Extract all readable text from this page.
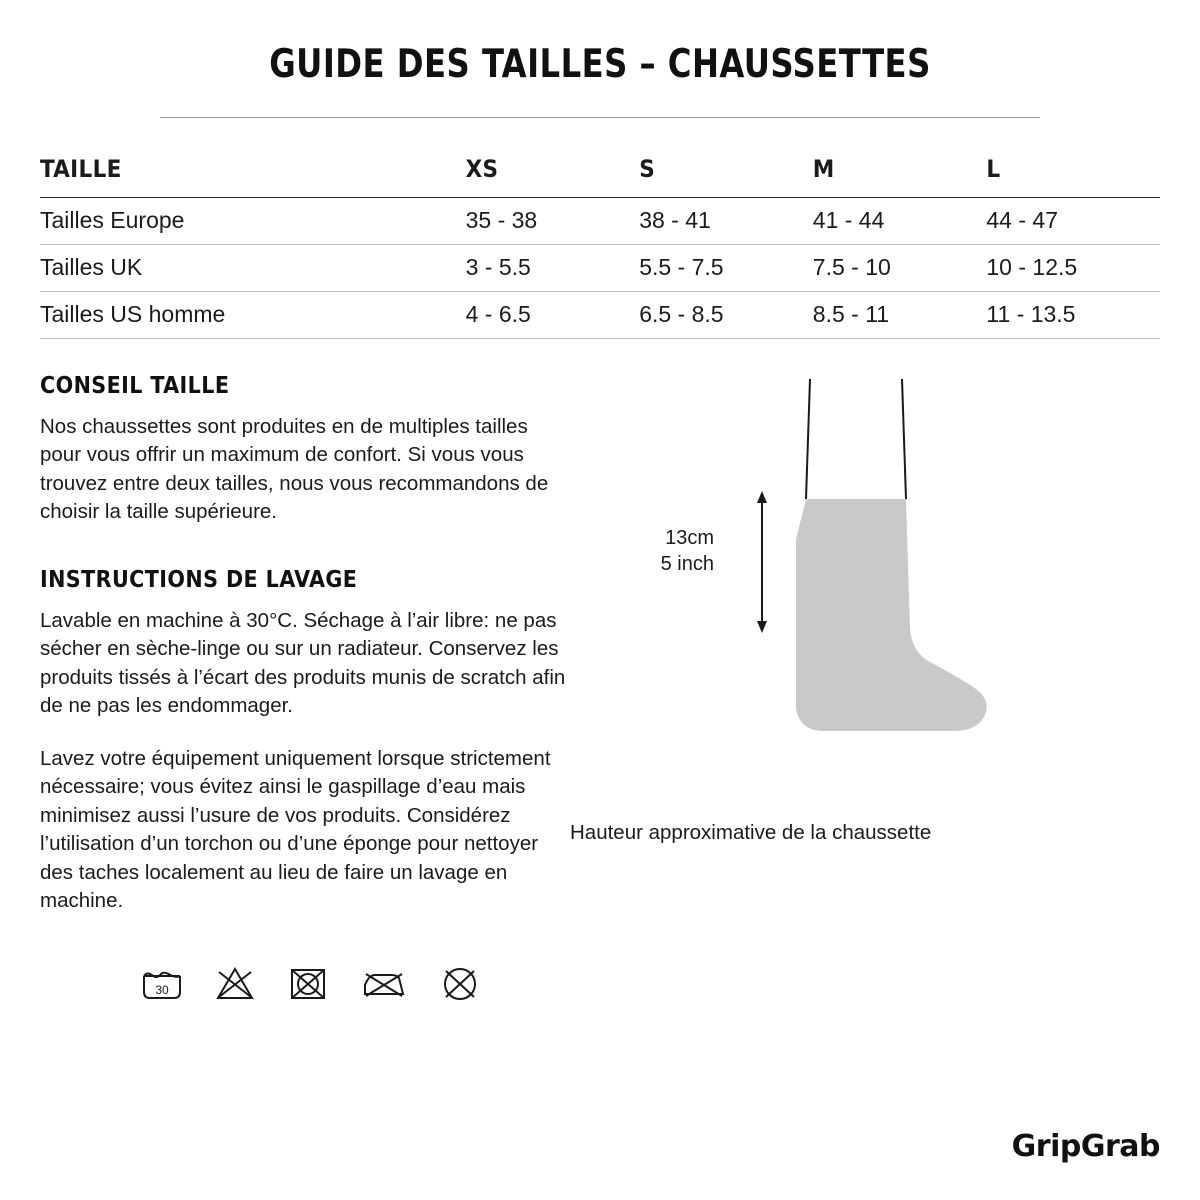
GUIDE DES TAILLES – CHAUSSETTES
TAILLE	XS	S	M	L
Tailles Europe	35 - 38	38 - 41	41 - 44	44 - 47
Tailles UK	3 - 5.5	5.5 - 7.5	7.5 - 10	10 - 12.5
Tailles US homme	4 - 6.5	6.5 - 8.5	8.5 - 11	11 - 13.5
CONSEIL TAILLE

Nos chaussettes sont produites en de multiples tailles pour vous offrir un maximum de confort. Si vous vous trouvez entre deux tailles, nous vous recommandons de choisir la taille supérieure.

INSTRUCTIONS DE LAVAGE

Lavable en machine à 30°C. Séchage à l’air libre: ne pas sécher en sèche-linge ou sur un radiateur. Conservez les produits tissés à l’écart des produits munis de scratch afin de ne pas les endommager.

Lavez votre équipement uniquement lorsque strictement nécessaire; vous évitez ainsi le gaspillage d’eau mais minimisez aussi l’usure de vos produits. Considérez l’utilisation d’un torchon ou d’une éponge pour nettoyer des taches localement au lieu de faire un lavage en machine.

30
13cm
5 inch
Hauteur approximative de la chaussette
GripGrab
